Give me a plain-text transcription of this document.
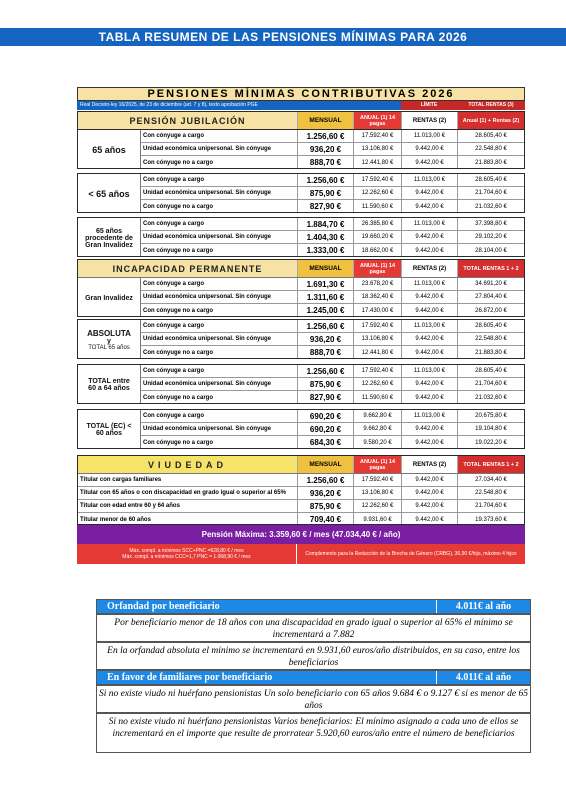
TABLA RESUMEN DE LAS PENSIONES MÍNIMAS PARA 2026
PENSIONES MÍNIMAS CONTRIBUTIVAS 2026
Real Decreto-ley 16/2025, de 23 de diciembre (art. 7 y 8), texto aprobación PGE	LÍMITE	TOTAL RENTAS (3)
PENSIÓN JUBILACIÓN	MENSUAL	ANUAL (1) 14 pagas	RENTAS (2)	Anual (1) + Rentas (2)
65 años
Con cónyuge a cargo	1.256,60 €	17.592,40 €	11.013,00 €	28.605,40 €
Unidad económica unipersonal. Sin cónyuge	936,20 €	13.106,80 €	9.442,00 €	22.548,80 €
Con cónyuge no a cargo	888,70 €	12.441,80 €	9.442,00 €	21.883,80 €
< 65 años
Con cónyuge a cargo	1.256,60 €	17.592,40 €	11.013,00 €	28.605,40 €
Unidad económica unipersonal. Sin cónyuge	875,90 €	12.262,60 €	9.442,00 €	21.704,60 €
Con cónyuge no a cargo	827,90 €	11.590,60 €	9.442,00 €	21.032,60 €
65 años procedente de Gran Invalidez
Con cónyuge a cargo	1.884,70 €	26.385,80 €	11.013,00 €	37.398,80 €
Unidad económica unipersonal. Sin cónyuge	1.404,30 €	19.660,20 €	9.442,00 €	29.102,20 €
Con cónyuge no a cargo	1.333,00 €	18.662,00 €	9.442,00 €	28.104,00 €
INCAPACIDAD PERMANENTE	MENSUAL	ANUAL (1) 14 pagas	RENTAS (2)	TOTAL RENTAS 1 + 2
Gran Invalidez
Con cónyuge a cargo	1.691,30 €	23.678,20 €	11.013,00 €	34.691,20 €
Unidad económica unipersonal. Sin cónyuge	1.311,60 €	18.362,40 €	9.442,00 €	27.804,40 €
Con cónyuge no a cargo	1.245,00 €	17.430,00 €	9.442,00 €	26.872,00 €
ABSOLUTA
y
TOTAL 65 años
Con cónyuge a cargo	1.256,60 €	17.592,40 €	11.013,00 €	28.605,40 €
Unidad económica unipersonal. Sin cónyuge	936,20 €	13.106,80 €	9.442,00 €	22.548,80 €
Con cónyuge no a cargo	888,70 €	12.441,80 €	9.442,00 €	21.883,80 €
TOTAL entre 60 a 64 años
Con cónyuge a cargo	1.256,60 €	17.592,40 €	11.013,00 €	28.605,40 €
Unidad económica unipersonal. Sin cónyuge	875,90 €	12.262,60 €	9.442,00 €	21.704,60 €
Con cónyuge no a cargo	827,90 €	11.590,60 €	9.442,00 €	21.032,60 €
TOTAL (EC) < 60 años
Con cónyuge a cargo	690,20 €	9.662,80 €	11.013,00 €	20.675,80 €
Unidad económica unipersonal. Sin cónyuge	690,20 €	9.662,80 €	9.442,00 €	19.104,80 €
Con cónyuge no a cargo	684,30 €	9.580,20 €	9.442,00 €	19.022,20 €
VIUDEDAD	MENSUAL	ANUAL (1) 14 pagas	RENTAS (2)	TOTAL RENTAS 1 + 2
Titular con cargas familiares	1.256,60 €	17.592,40 €	9.442,00 €	27.034,40 €
Titular con 65 años o con discapacidad en grado igual o superior al 65%	936,20 €	13.106,80 €	9.442,00 €	22.548,80 €
Titular con edad entre 60 y 64 años	875,90 €	12.262,60 €	9.442,00 €	21.704,60 €
Titular menor de 60 años	709,40 €	9.931,60 €	9.442,00 €	19.373,60 €
Pensión Máxima: 3.359,60 € / mes (47.034,40 € / año)
Máx. compl. a mínimos SCC+PNC =628,80 € / mes
Máx. compl. a mínimos CCC=1,7 PNC = 1.068,90 € / mes	Complemento para la Reducción de la Brecha de Género (CRBG), 36,90 €/hijo, máximo 4 hijos
Orfandad por beneficiario	4.011€ al año
Por beneficiario menor de 18 años con una discapacidad en grado igual o superior al 65% el mínimo se incrementará a 7.882
En la orfandad absoluta el mínimo se incrementará en 9.931,60 euros/año distribuidos, en su caso, entre los beneficiarios
En favor de familiares por beneficiario	4.011€ al año
Si no existe viudo ni huérfano pensionistas Un solo beneficiario con 65 años 9.684 € o 9.127 € si es menor de 65 años
Si no existe viudo ni huérfano pensionistas Varios beneficiarios: El mínimo asignado a cada uno de ellos se incrementará en el importe que resulte de prorratear 5.920,60 euros/año entre el número de beneficiarios
